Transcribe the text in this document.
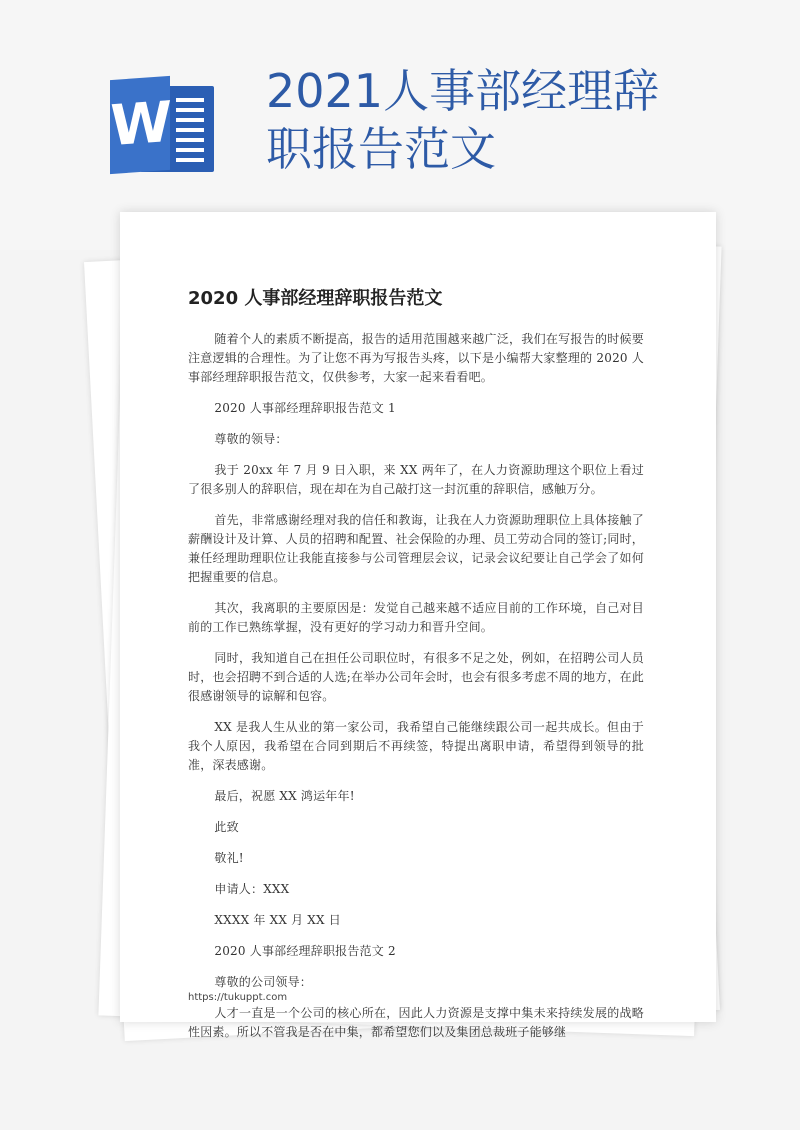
W 2021人事部经理辞
职报告范文
2020 人事部经理辞职报告范文

随着个人的素质不断提高，报告的适用范围越来越广泛，我们在写报告的时候要注意逻辑的合理性。为了让您不再为写报告头疼，以下是小编帮大家整理的 2020 人事部经理辞职报告范文，仅供参考，大家一起来看看吧。

2020 人事部经理辞职报告范文 1

尊敬的领导：

我于 20xx 年 7 月 9 日入职，来 XX 两年了，在人力资源助理这个职位上看过了很多别人的辞职信，现在却在为自己敲打这一封沉重的辞职信，感触万分。

首先，非常感谢经理对我的信任和教诲，让我在人力资源助理职位上具体接触了薪酬设计及计算、人员的招聘和配置、社会保险的办理、员工劳动合同的签订;同时，兼任经理助理职位让我能直接参与公司管理层会议，记录会议纪要让自己学会了如何把握重要的信息。

其次，我离职的主要原因是：发觉自己越来越不适应目前的工作环境，自己对目前的工作已熟练掌握，没有更好的学习动力和晋升空间。

同时，我知道自己在担任公司职位时，有很多不足之处，例如，在招聘公司人员时，也会招聘不到合适的人选;在举办公司年会时，也会有很多考虑不周的地方，在此很感谢领导的谅解和包容。

XX 是我人生从业的第一家公司，我希望自己能继续跟公司一起共成长。但由于我个人原因，我希望在合同到期后不再续签，特提出离职申请，希望得到领导的批准，深表感谢。

最后，祝愿 XX 鸿运年年!

此致

敬礼!

申请人：XXX

XXXX 年 XX 月 XX 日

2020 人事部经理辞职报告范文 2

尊敬的公司领导：

人才一直是一个公司的核心所在，因此人力资源是支撑中集未来持续发展的战略性因素。所以不管我是否在中集，都希望您们以及集团总裁班子能够继

https://tukuppt.com
